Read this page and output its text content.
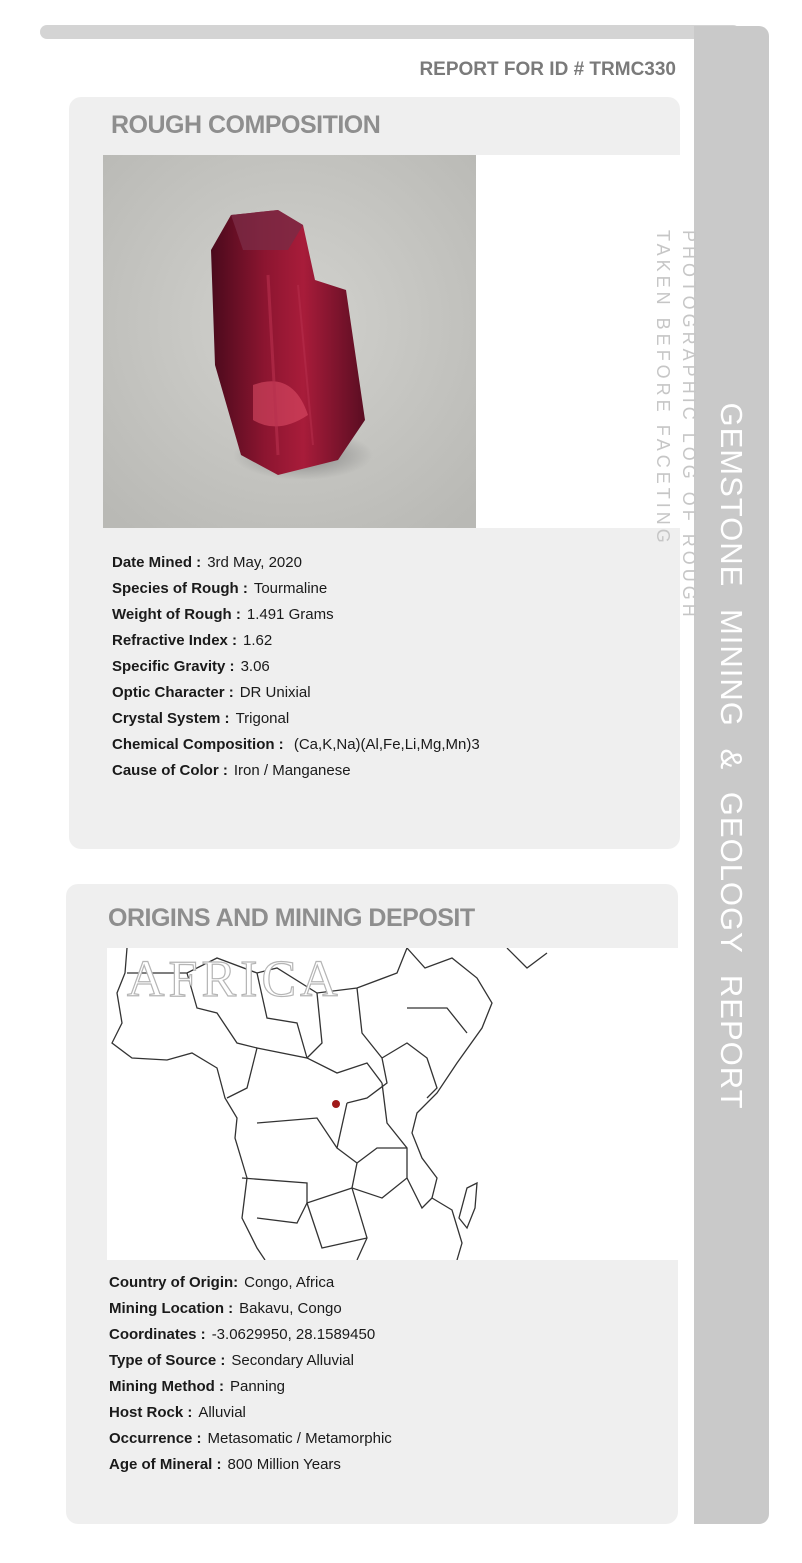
GEMSTONE MINING & GEOLOGY REPORT
REPORT FOR ID # TRMC330
ROUGH COMPOSITION
PHOTOGRAPHIC LOG OF ROUGH
TAKEN BEFORE FACETING
Date Mined : 3rd May, 2020
Species of Rough : Tourmaline
Weight of Rough : 1.491 Grams
Refractive Index : 1.62
Specific Gravity : 3.06
Optic Character : DR Unixial
Crystal System : Trigonal
Chemical Composition : (Ca,K,Na)(Al,Fe,Li,Mg,Mn)3
Cause of Color : Iron / Manganese
ORIGINS AND MINING DEPOSIT
AFRICA
Country of Origin: Congo, Africa
Mining Location : Bakavu, Congo
Coordinates : -3.0629950, 28.1589450
Type of Source : Secondary Alluvial
Mining Method : Panning
Host Rock : Alluvial
Occurrence : Metasomatic / Metamorphic
Age of Mineral : 800 Million Years
